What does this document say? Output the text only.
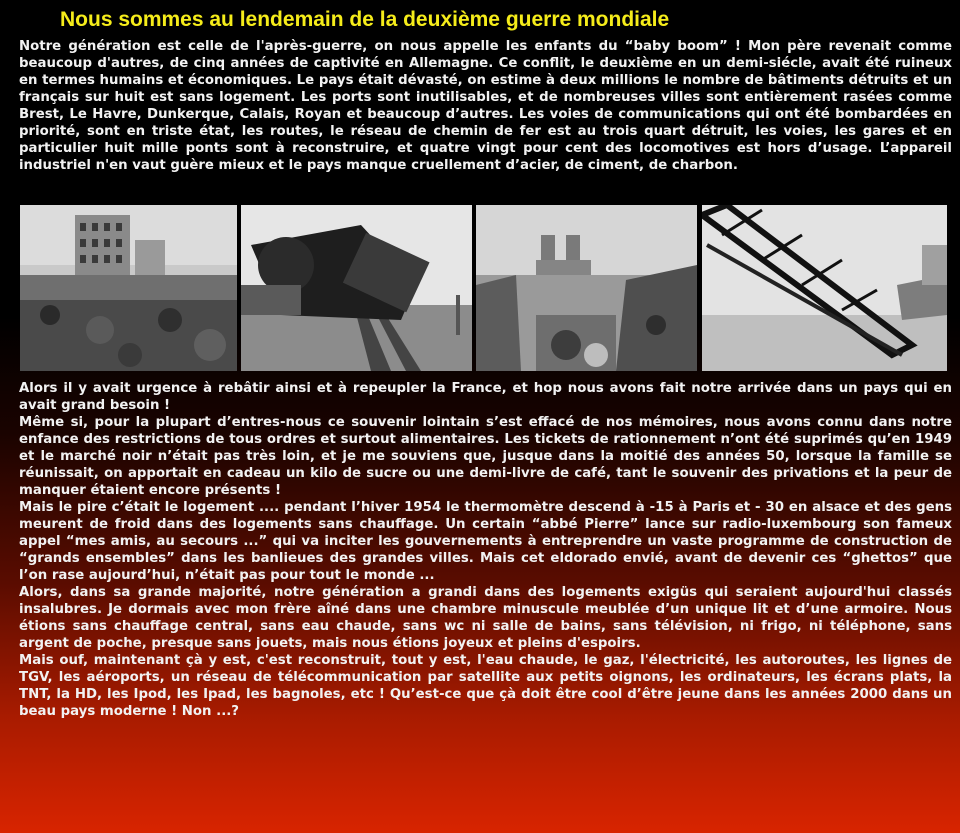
Nous sommes au lendemain de la deuxième guerre mondiale

Notre génération est celle de l'après-guerre, on nous appelle les enfants du “baby boom” ! Mon père revenait comme beaucoup d'autres, de cinq années de captivité en Allemagne. Ce conflit, le deuxième en un demi-siécle, avait été ruineux en termes humains et économiques. Le pays était dévasté, on estime à deux millions le nombre de bâtiments détruits et un français sur huit est sans logement. Les ports sont inutilisables, et de nombreuses villes sont entièrement rasées comme Brest, Le Havre, Dunkerque, Calais, Royan et beaucoup d’autres. Les voies de communications qui ont été bombardées en priorité, sont en triste état, les routes, le réseau de chemin de fer est au trois quart détruit, les voies, les gares et en particulier huit mille ponts sont à reconstruire, et quatre vingt pour cent des locomotives est hors d’usage. L’appareil industriel n'en vaut guère mieux et le pays manque cruellement d’acier, de ciment, de charbon.

Alors il y avait urgence à rebâtir ainsi et à repeupler la France, et hop nous avons fait notre arrivée dans un pays qui en avait grand besoin !

Même si, pour la plupart d’entres-nous ce souvenir lointain s’est effacé de nos mémoires, nous avons connu dans notre enfance des restrictions de tous ordres et surtout alimentaires. Les tickets de rationnement n’ont été suprimés qu’en 1949 et le marché noir n’était pas très loin, et je me souviens que, jusque dans la moitié des années 50, lorsque la famille se réunissait, on apportait en cadeau un kilo de sucre ou une demi-livre de café, tant le souvenir des privations et la peur de manquer étaient encore présents !

Mais le pire c’était le logement .... pendant l’hiver 1954 le thermomètre descend à -15 à Paris et - 30 en alsace et des gens meurent de froid dans des logements sans chauffage. Un certain “abbé Pierre” lance sur radio-luxembourg son fameux appel “mes amis, au secours ...” qui va inciter les gouvernements à entreprendre un vaste programme de construction de “grands ensembles” dans les banlieues des grandes villes. Mais cet eldorado envié, avant de devenir ces “ghettos” que l’on rase aujourd’hui, n’était pas pour tout le monde ...

Alors, dans sa grande majorité, notre génération a grandi dans des logements exigüs qui seraient aujourd'hui classés insalubres. Je dormais avec mon frère aîné dans une chambre minuscule meublée d’un unique lit et d’une armoire. Nous étions sans chauffage central, sans eau chaude, sans wc ni salle de bains, sans télévision, ni frigo, ni téléphone, sans argent de poche, presque sans jouets, mais nous étions joyeux et pleins d'espoirs.

Mais ouf, maintenant çà y est, c'est reconstruit, tout y est, l'eau chaude, le gaz, l'électricité, les autoroutes, les lignes de TGV, les aéroports, un réseau de télécommunication par satellite aux petits oignons, les ordinateurs, les écrans plats, la TNT, la HD, les Ipod, les Ipad, les bagnoles, etc ! Qu’est-ce que çà doit être cool d’être jeune dans les années 2000 dans un beau pays moderne ! Non ...?
